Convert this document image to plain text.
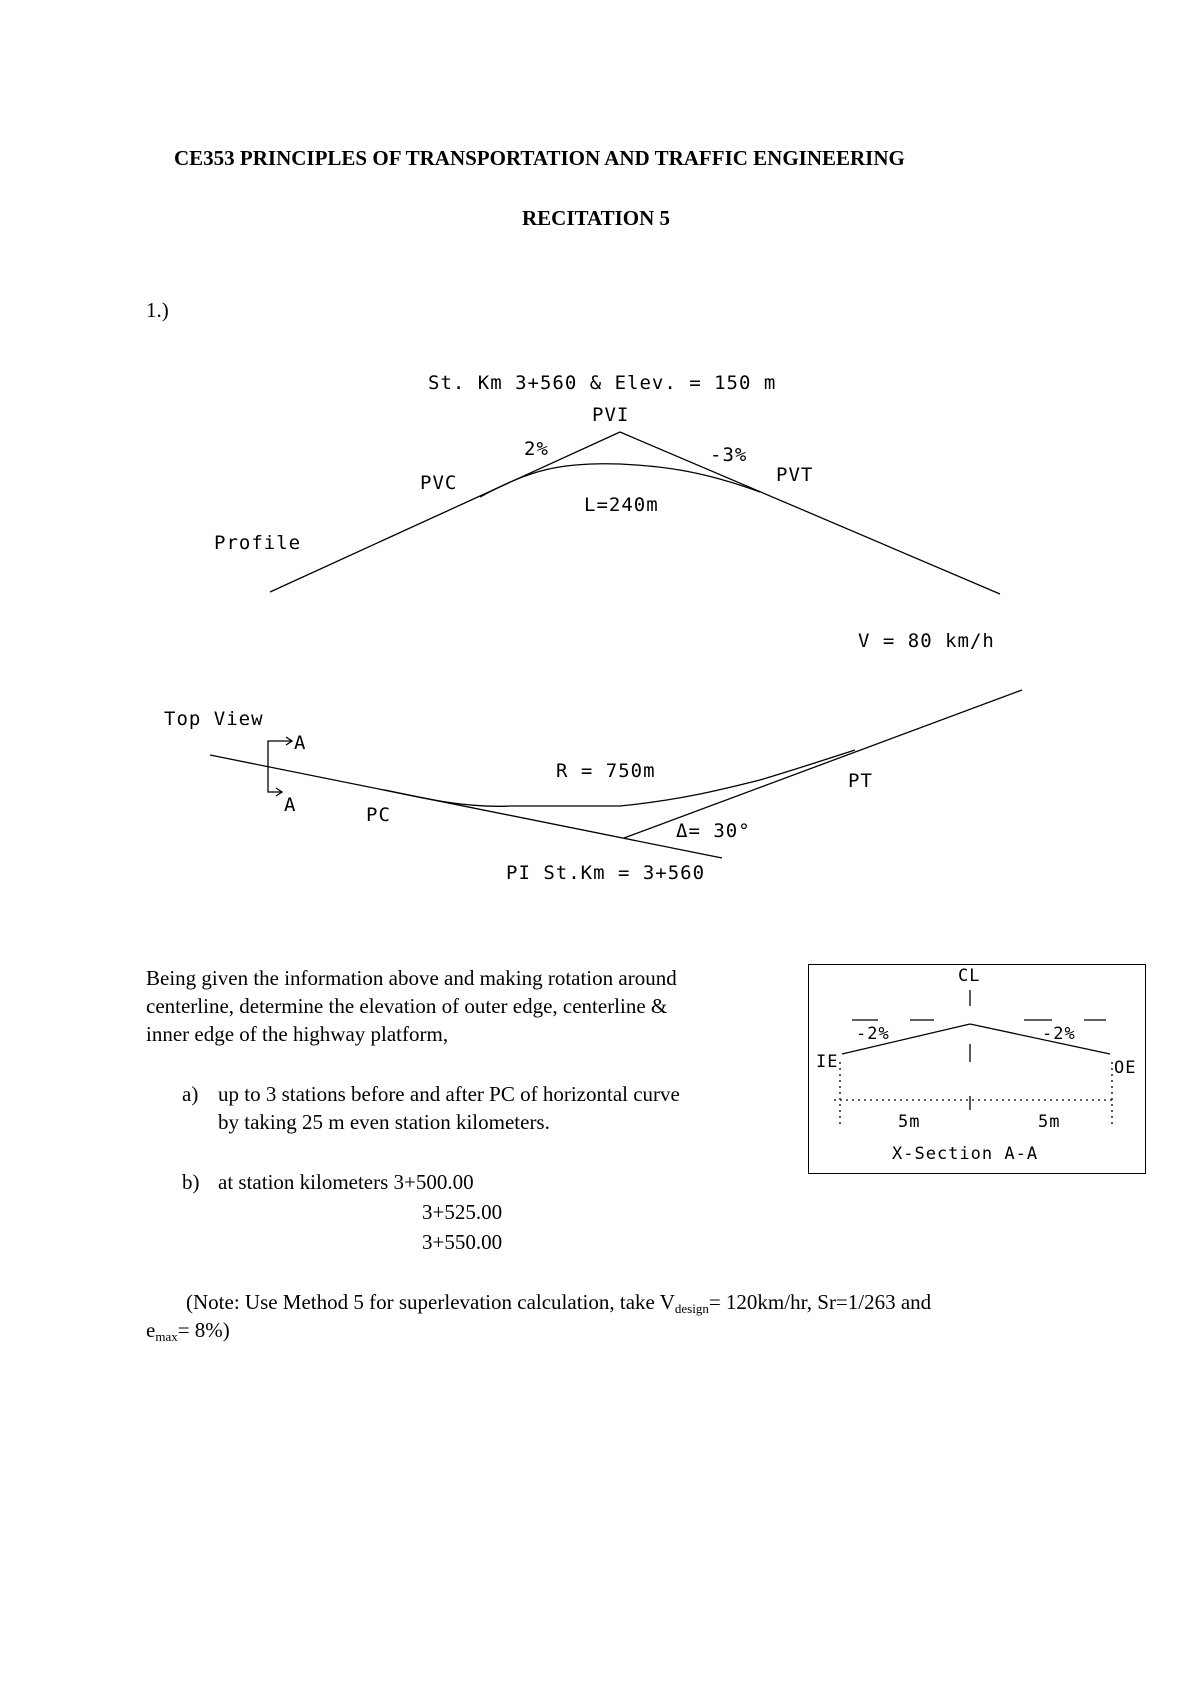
CE353 PRINCIPLES OF TRANSPORTATION AND TRAFFIC ENGINEERING
RECITATION 5
1.)
St. Km 3+560 & Elev. = 150 m
PVI
2%	-3%
PVC	PVT
L=240m
Profile
V = 80 km/h
Top View
A
A
R = 750m
PC
PT
Δ= 30°
PI St.Km = 3+560
CL
-2%	-2%
IE	OE
5m	5m
X-Section A-A
Being given the information above and making rotation around
centerline, determine the elevation of outer edge, centerline &
inner edge of the highway platform,
a) up to 3 stations before and after PC of horizontal curve
by taking 25 m even station kilometers.
b) at station kilometers 3+500.00
3+525.00
3+550.00
(Note: Use Method 5 for superlevation calculation, take $V_{design}= 120km/hr$, Sr=1/263 and
$e_{max}= 8\%$)
